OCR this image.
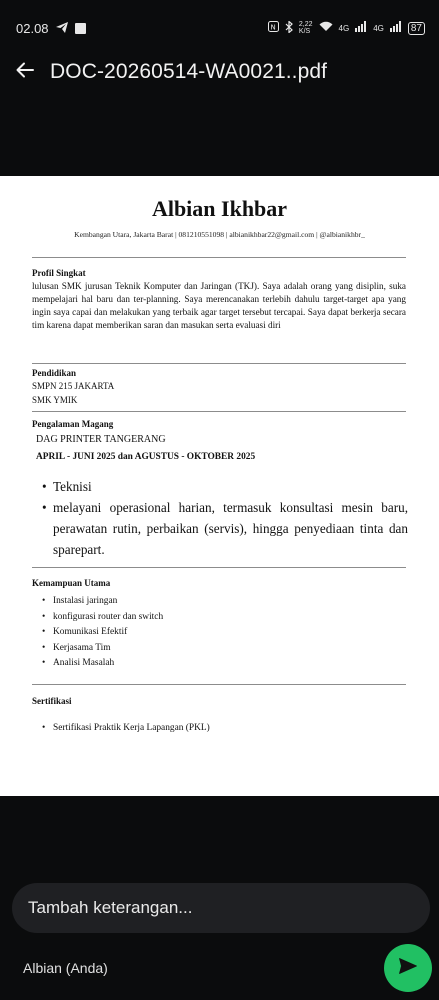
02.08	N	2,22
K/S	4G	4G	87
DOC-20260514-WA0021..pdf
Albian Ikhbar
Kembangan Utara, Jakarta Barat | 081210551098 | albianikhbar22@gmail.com | @albianikhbr_
Profil Singkat
lulusan SMK jurusan Teknik Komputer dan Jaringan (TKJ). Saya adalah orang yang disiplin, suka mempelajari hal baru dan ter-planning. Saya merencanakan terlebih dahulu target-target apa yang ingin saya capai dan melakukan yang terbaik agar target tersebut tercapai. Saya dapat berkerja secara tim karena dapat memberikan saran dan masukan serta evaluasi diri
Pendidikan
SMPN 215 JAKARTA
SMK YMIK
Pengalaman Magang
DAG PRINTER TANGERANG
APRIL - JUNI 2025 dan AGUSTUS - OKTOBER 2025
• Teknisi
• melayani operasional harian, termasuk konsultasi mesin baru, perawatan rutin, perbaikan (servis), hingga penyediaan tinta dan sparepart.
Kemampuan Utama
• Instalasi jaringan
• konfigurasi router dan switch
• Komunikasi Efektif
• Kerjasama Tim
• Analisi Masalah
Sertifikasi
• Sertifikasi Praktik Kerja Lapangan (PKL)
Tambah keterangan...
Albian (Anda)
